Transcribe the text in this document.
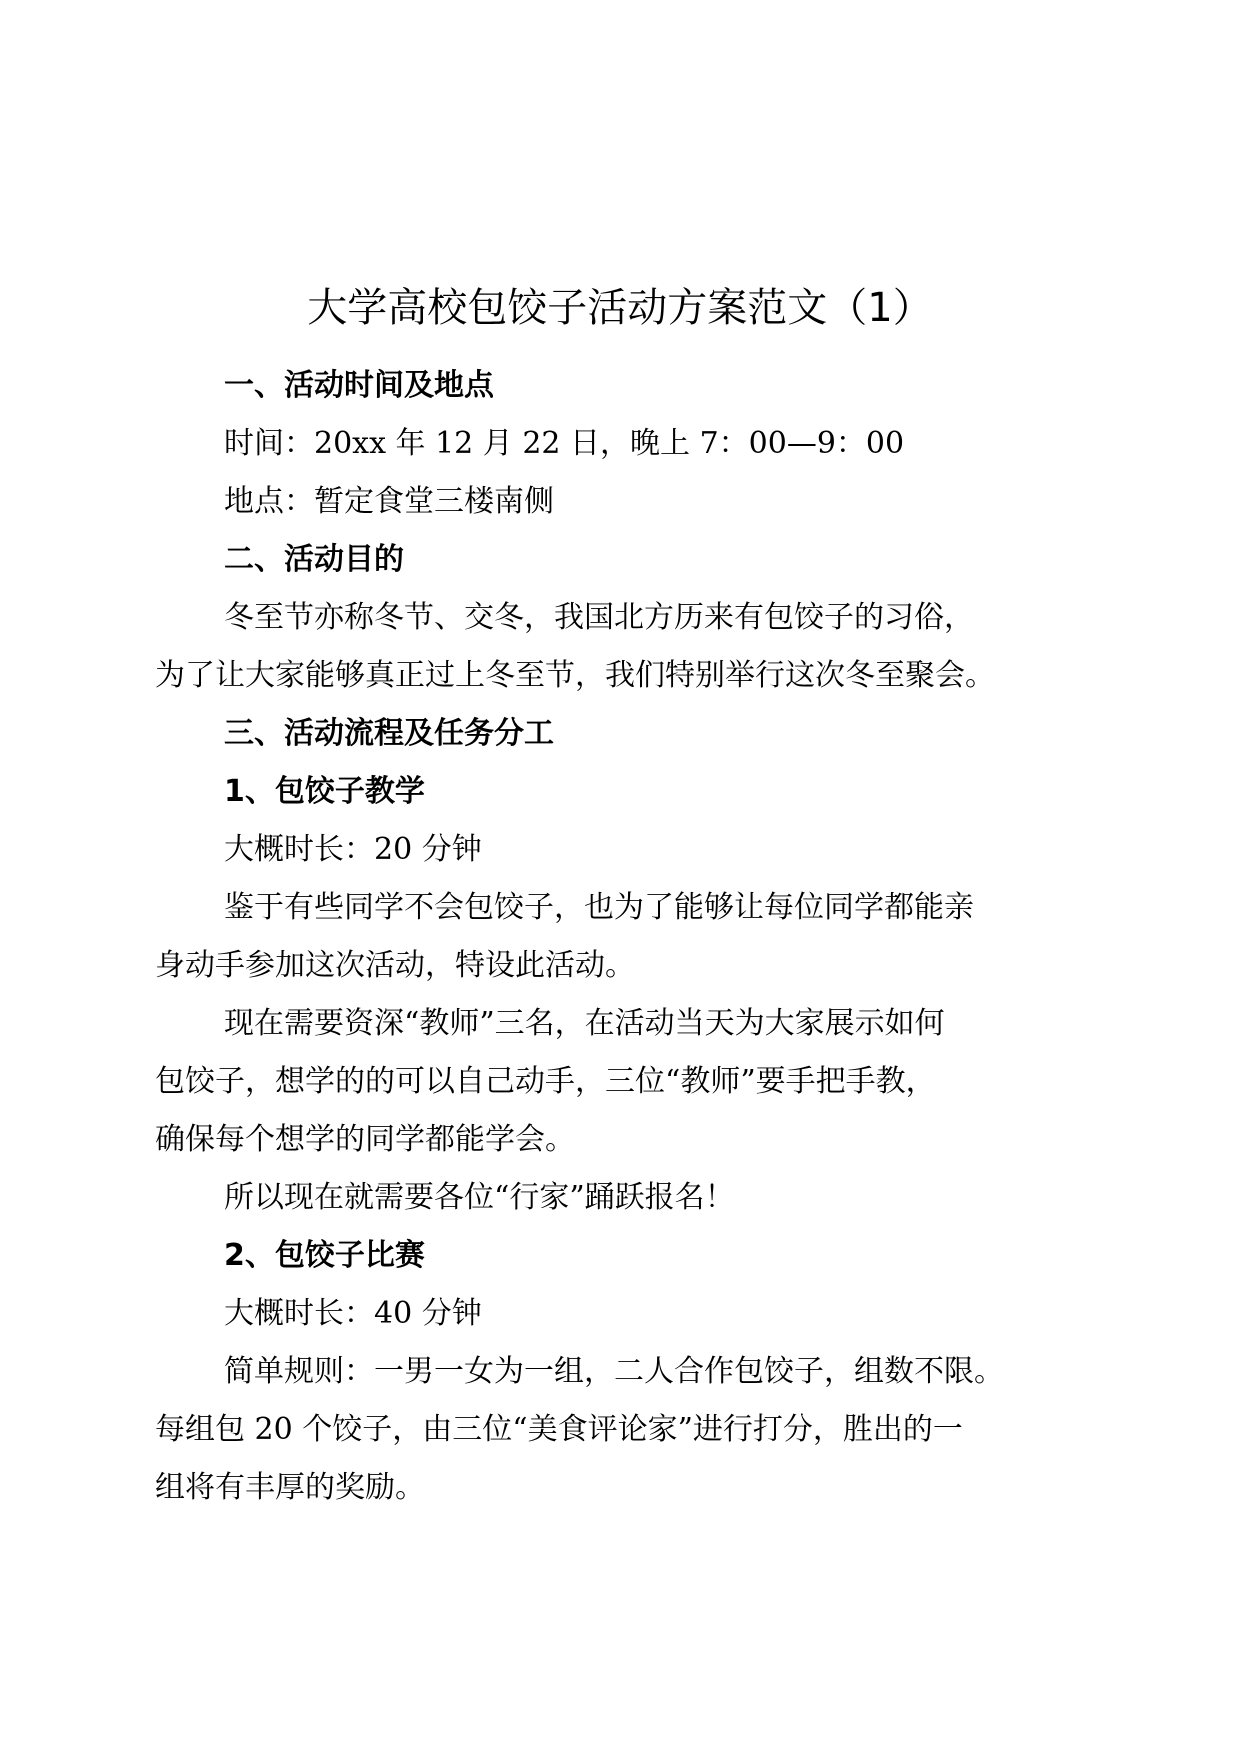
大学高校包饺子活动方案范文（1）
一、活动时间及地点
时间：20xx 年 12 月 22 日，晚上 7：00—9：00
地点：暂定食堂三楼南侧
二、活动目的
冬至节亦称冬节、交冬，我国北方历来有包饺子的习俗，
为了让大家能够真正过上冬至节，我们特别举行这次冬至聚会。
三、活动流程及任务分工
1、包饺子教学
大概时长：20 分钟
鉴于有些同学不会包饺子，也为了能够让每位同学都能亲
身动手参加这次活动，特设此活动。
现在需要资深“教师”三名，在活动当天为大家展示如何
包饺子，想学的的可以自己动手，三位“教师”要手把手教，
确保每个想学的同学都能学会。
所以现在就需要各位“行家”踊跃报名！
2、包饺子比赛
大概时长：40 分钟
简单规则：一男一女为一组，二人合作包饺子，组数不限。
每组包 20 个饺子，由三位“美食评论家”进行打分，胜出的一
组将有丰厚的奖励。
